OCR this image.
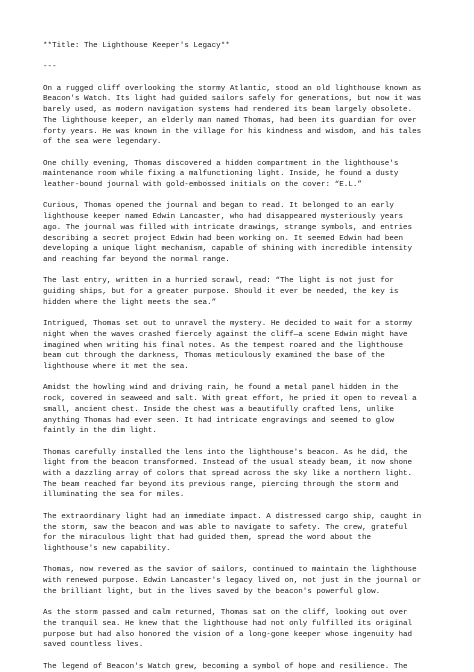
**Title: The Lighthouse Keeper's Legacy**

---

On a rugged cliff overlooking the stormy Atlantic, stood an old lighthouse known as
Beacon's Watch. Its light had guided sailors safely for generations, but now it was
barely used, as modern navigation systems had rendered its beam largely obsolete.
The lighthouse keeper, an elderly man named Thomas, had been its guardian for over
forty years. He was known in the village for his kindness and wisdom, and his tales
of the sea were legendary.

One chilly evening, Thomas discovered a hidden compartment in the lighthouse's
maintenance room while fixing a malfunctioning light. Inside, he found a dusty
leather-bound journal with gold-embossed initials on the cover: “E.L.”

Curious, Thomas opened the journal and began to read. It belonged to an early
lighthouse keeper named Edwin Lancaster, who had disappeared mysteriously years
ago. The journal was filled with intricate drawings, strange symbols, and entries
describing a secret project Edwin had been working on. It seemed Edwin had been
developing a unique light mechanism, capable of shining with incredible intensity
and reaching far beyond the normal range.

The last entry, written in a hurried scrawl, read: “The light is not just for
guiding ships, but for a greater purpose. Should it ever be needed, the key is
hidden where the light meets the sea.”

Intrigued, Thomas set out to unravel the mystery. He decided to wait for a stormy
night when the waves crashed fiercely against the cliff—a scene Edwin might have
imagined when writing his final notes. As the tempest roared and the lighthouse
beam cut through the darkness, Thomas meticulously examined the base of the
lighthouse where it met the sea.

Amidst the howling wind and driving rain, he found a metal panel hidden in the
rock, covered in seaweed and salt. With great effort, he pried it open to reveal a
small, ancient chest. Inside the chest was a beautifully crafted lens, unlike
anything Thomas had ever seen. It had intricate engravings and seemed to glow
faintly in the dim light.

Thomas carefully installed the lens into the lighthouse's beacon. As he did, the
light from the beacon transformed. Instead of the usual steady beam, it now shone
with a dazzling array of colors that spread across the sky like a northern light.
The beam reached far beyond its previous range, piercing through the storm and
illuminating the sea for miles.

The extraordinary light had an immediate impact. A distressed cargo ship, caught in
the storm, saw the beacon and was able to navigate to safety. The crew, grateful
for the miraculous light that had guided them, spread the word about the
lighthouse's new capability.

Thomas, now revered as the savior of sailors, continued to maintain the lighthouse
with renewed purpose. Edwin Lancaster's legacy lived on, not just in the journal or
the brilliant light, but in the lives saved by the beacon's powerful glow.

As the storm passed and calm returned, Thomas sat on the cliff, looking out over
the tranquil sea. He knew that the lighthouse had not only fulfilled its original
purpose but had also honored the vision of a long-gone keeper whose ingenuity had
saved countless lives.

The legend of Beacon's Watch grew, becoming a symbol of hope and resilience. The
